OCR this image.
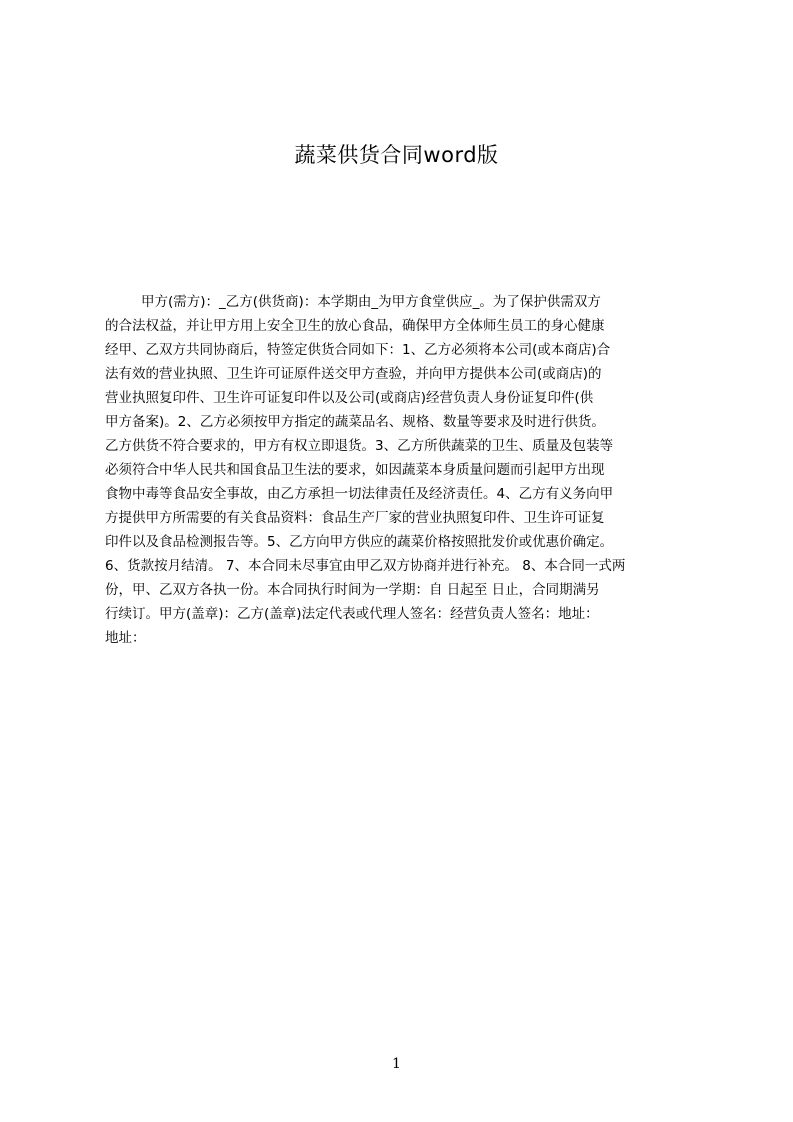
蔬菜供货合同word版
甲方(需方)：_乙方(供货商)：本学期由_为甲方食堂供应_。为了保护供需双方
的合法权益，并让甲方用上安全卫生的放心食品，确保甲方全体师生员工的身心健康
经甲、乙双方共同协商后，特签定供货合同如下：1、乙方必须将本公司(或本商店)合
法有效的营业执照、卫生许可证原件送交甲方查验，并向甲方提供本公司(或商店)的
营业执照复印件、卫生许可证复印件以及公司(或商店)经营负责人身份证复印件(供
甲方备案)。2、乙方必须按甲方指定的蔬菜品名、规格、数量等要求及时进行供货。
乙方供货不符合要求的，甲方有权立即退货。3、乙方所供蔬菜的卫生、质量及包装等
必须符合中华人民共和国食品卫生法的要求，如因蔬菜本身质量问题而引起甲方出现
食物中毒等食品安全事故，由乙方承担一切法律责任及经济责任。4、乙方有义务向甲
方提供甲方所需要的有关食品资料：食品生产厂家的营业执照复印件、卫生许可证复
印件以及食品检测报告等。5、乙方向甲方供应的蔬菜价格按照批发价或优惠价确定。
6、货款按月结清。 7、本合同未尽事宜由甲乙双方协商并进行补充。 8、本合同一式两
份，甲、乙双方各执一份。本合同执行时间为一学期：自 日起至 日止，合同期满另
行续订。甲方(盖章)：乙方(盖章)法定代表或代理人签名：经营负责人签名：地址：
地址：
1
